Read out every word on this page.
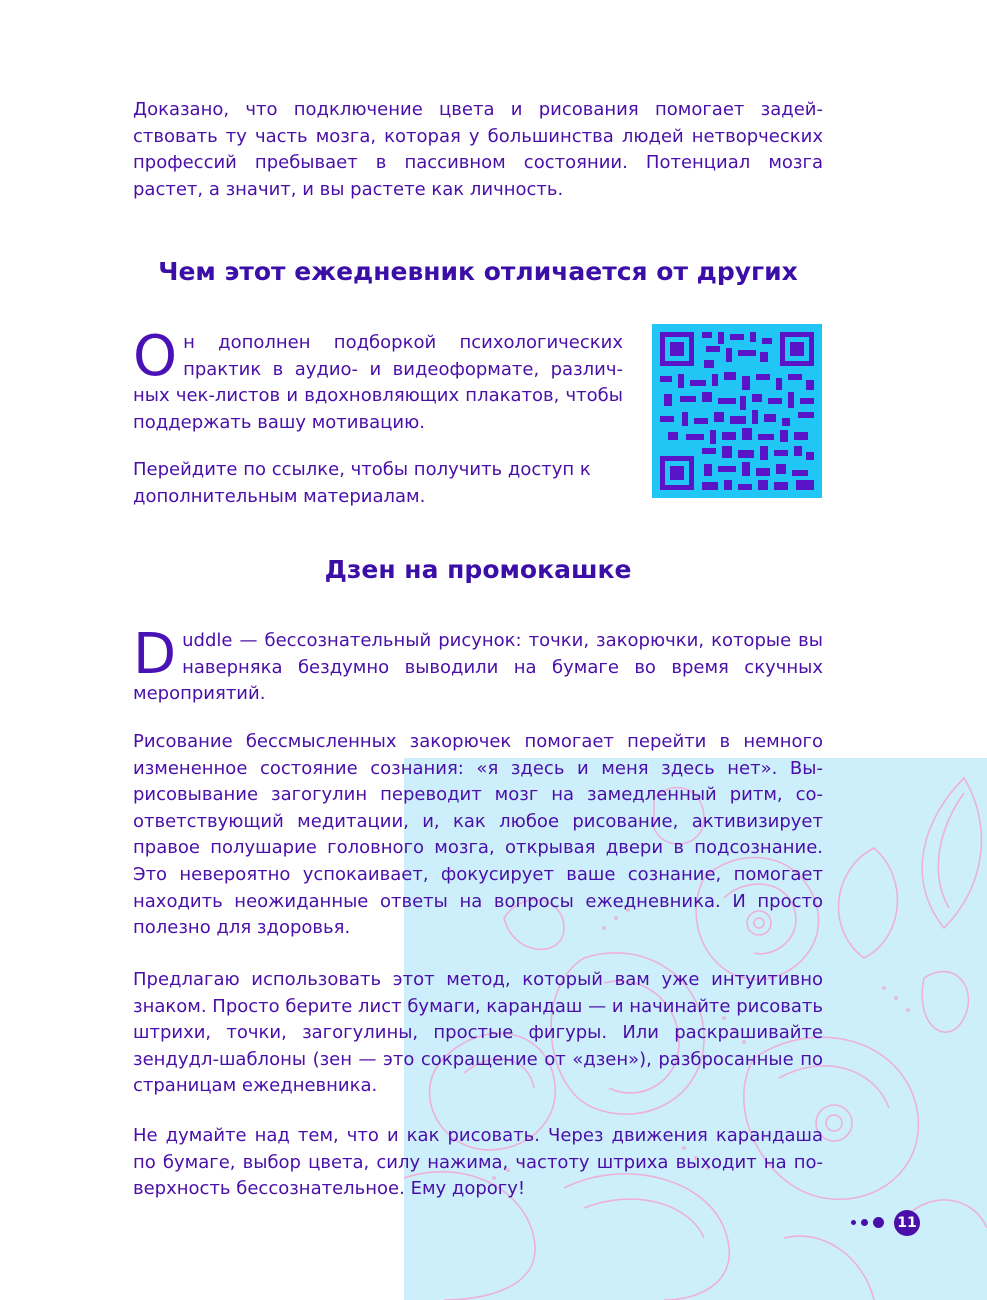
Доказано, что подключение цвета и рисования помогает задействовать ту часть мозга, которая у большинства людей нетворческих профессий пребывает в пассивном состоянии. Потенциал мозга растет, а значит, и вы растете как личность.

Чем этот ежедневник отличается от других

Он дополнен подборкой психологических практик в аудио- и видеоформате, различных чек-листов и вдохновляющих плакатов, чтобы поддержать вашу мотивацию.

Перейдите по ссылке, чтобы получить доступ к дополнительным материалам.

Дзен на промокашке

Duddle — бессознательный рисунок: точки, закорючки, которые вы наверняка бездумно выводили на бумаге во время скучных мероприятий.

Рисование бессмысленных закорючек помогает перейти в немного измененное состояние сознания: «я здесь и меня здесь нет». Вырисовывание загогулин переводит мозг на замедленный ритм, соответствующий медитации, и, как любое рисование, активизирует правое полушарие головного мозга, открывая двери в подсознание. Это невероятно успокаивает, фокусирует ваше сознание, помогает находить неожиданные ответы на вопросы ежедневника. И просто полезно для здоровья.

Предлагаю использовать этот метод, который вам уже интуитивно знаком. Просто берите лист бумаги, карандаш — и начинайте рисовать штрихи, точки, загогулины, простые фигуры. Или раскрашивайте зендудл-шаблоны (зен — это сокращение от «дзен»), разбросанные по страницам ежедневника.

Не думайте над тем, что и как рисовать. Через движения карандаша по бумаге, выбор цвета, силу нажима, частоту штриха выходит на поверхность бессознательное. Ему дорогу!

11
